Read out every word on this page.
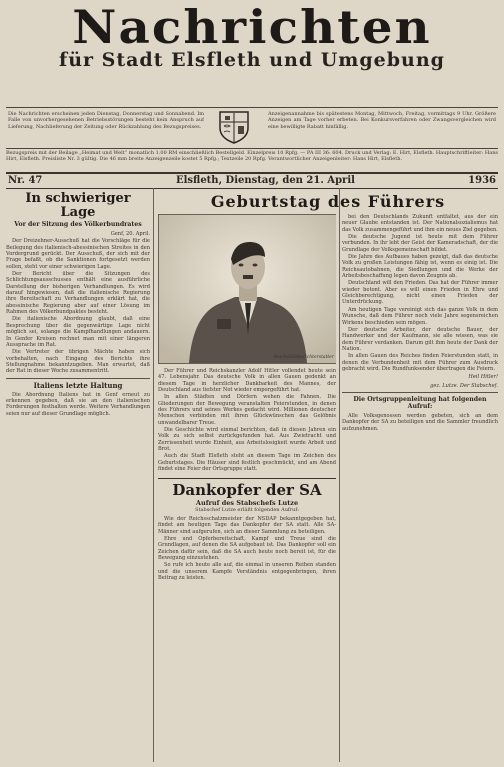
Nachrichten
für Stadt Elsfleth und Umgebung
Die Nachrichten erscheinen jeden Dienstag, Donnerstag und Sonnabend. Im Falle von unvorhergesehenen Betriebsstörungen besteht kein Anspruch auf Lieferung, Nachlieferung der Zeitung oder Rückzahlung des Bezugspreises.
Anzeigenannahme bis spätestens Montag, Mittwoch, Freitag, vormittags 9 Uhr. Größere Anzeigen am Tage vorher erbeten. Bei Konkursverfahren oder Zwangsvergleichen wird eine bewilligte Rabatt hinfällig.
Bezugspreis mit der Beilage „Heimat und Welt“ monatlich 1.00 RM einschließlich Bestellgeld. Einzelpreis 10 Rpfg. — PA III 36: 604. Druck und Verlag: E. Hirt, Elsfleth. Hauptschriftleiter: Hans Hirt, Elsfleth. Preisliste Nr. 3 gültig. Die 46 mm breite Anzeigenzeile kostet 5 Rpfg.; Textzeile 20 Rpfg. Verantwortlicher Anzeigenleiter: Hans Hirt, Elsfleth.
Nr. 47	Elsfleth, Dienstag, den 21. April	1936
In schwieriger Lage
Vor der Sitzung des Völkerbundrates

Genf, 20. April.

Der Dreizehner-Ausschuß hat die Vorschläge für die Beilegung des italienisch-abessinischen Streites in den Vordergrund gerückt. Der Ausschuß, der sich mit der Frage befaßt, ob die Sanktionen fortgesetzt werden sollen, steht vor einer schwierigen Lage.

Der Bericht über die Sitzungen des Schlichtungsausschusses enthält eine ausführliche Darstellung der bisherigen Verhandlungen. Es wird darauf hingewiesen, daß die italienische Regierung ihre Bereitschaft zu Verhandlungen erklärt hat, die abessinische Regierung aber auf einer Lösung im Rahmen des Völkerbundpaktes besteht.

Die italienische Abordnung glaubt, daß eine Besprechung über die gegenwärtige Lage nicht möglich sei, solange die Kampfhandlungen andauern. In Genfer Kreisen rechnet man mit einer längeren Aussprache im Rat.

Die Vertreter der übrigen Mächte haben sich vorbehalten, nach Eingang des Berichts ihre Stellungnahme bekanntzugeben. Man erwartet, daß der Rat in dieser Woche zusammentritt.

Italiens letzte Haltung

Die Abordnung Italiens hat in Genf erneut zu erkennen gegeben, daß sie an den italienischen Forderungen festhalten werde. Weitere Verhandlungen seien nur auf dieser Grundlage möglich.

Geburtstag des Führers
Reichsbildberichterstatter

Der Führer und Reichskanzler Adolf Hitler vollendet heute sein 47. Lebensjahr. Das deutsche Volk in allen Gauen gedenkt an diesem Tage in herzlicher Dankbarkeit des Mannes, der Deutschland aus tiefster Not wieder emporgeführt hat.

In allen Städten und Dörfern wehen die Fahnen. Die Gliederungen der Bewegung veranstalten Feierstunden, in denen des Führers und seines Werkes gedacht wird. Millionen deutscher Menschen verbinden mit ihren Glückwünschen das Gelöbnis unwandelbarer Treue.

Die Geschichte wird einmal berichten, daß in diesen Jahren ein Volk zu sich selbst zurückgefunden hat. Aus Zwietracht und Zerrissenheit wurde Einheit, aus Arbeitslosigkeit wurde Arbeit und Brot.

Auch die Stadt Elsfleth steht an diesem Tage im Zeichen des Geburtstages. Die Häuser sind festlich geschmückt, und am Abend findet eine Feier der Ortsgruppe statt.

Dankopfer der SA
Aufruf des Stabschefs Lutze
Stabschef Lutze erläßt folgenden Aufruf:

Wie der Reichsschatzmeister der NSDAP bekanntgegeben hat, findet am heutigen Tage das Dankopfer der SA statt. Alle SA-Männer sind aufgerufen, sich an dieser Sammlung zu beteiligen.

Ehre und Opferbereitschaft, Kampf und Treue sind die Grundlagen, auf denen die SA aufgebaut ist. Das Dankopfer soll ein Zeichen dafür sein, daß die SA auch heute noch bereit ist, für die Bewegung einzustehen.

So rufe ich heute alle auf, die einmal in unseren Reihen standen und die unserem Kampfe Verständnis entgegenbringen, ihren Beitrag zu leisten.

bei den Deutschlands Zukunft entfaltet, aus der ein neuer Glaube entstanden ist. Der Nationalsozialismus hat das Volk zusammengeführt und ihm ein neues Ziel gegeben.

Die deutsche Jugend ist heute mit dem Führer verbunden. In ihr lebt der Geist der Kameradschaft, der die Grundlage der Volksgemeinschaft bildet.

Die Jahre des Aufbaues haben gezeigt, daß das deutsche Volk zu großen Leistungen fähig ist, wenn es einig ist. Die Reichsautobahnen, die Siedlungen und die Werke der Arbeitsbeschaffung legen davon Zeugnis ab.

Deutschland will den Frieden. Das hat der Führer immer wieder betont. Aber es will einen Frieden in Ehre und Gleichberechtigung, nicht einen Frieden der Unterdrückung.

Am heutigen Tage vereinigt sich das ganze Volk in dem Wunsche, daß dem Führer noch viele Jahre segensreichen Wirkens beschieden sein mögen.

Der deutsche Arbeiter, der deutsche Bauer, der Handwerker und der Kaufmann, sie alle wissen, was sie dem Führer verdanken. Darum gilt ihm heute der Dank der Nation.

In allen Gauen des Reiches finden Feierstunden statt, in denen die Verbundenheit mit dem Führer zum Ausdruck gebracht wird. Die Rundfunksender übertragen die Feiern.

Heil Hitler!
gez. Lutze. Der Stabschef.
Die Ortsgruppenleitung hat folgenden Aufruf:

Alle Volksgenossen werden gebeten, sich an dem Dankopfer der SA zu beteiligen und die Sammler freundlich aufzunehmen.
